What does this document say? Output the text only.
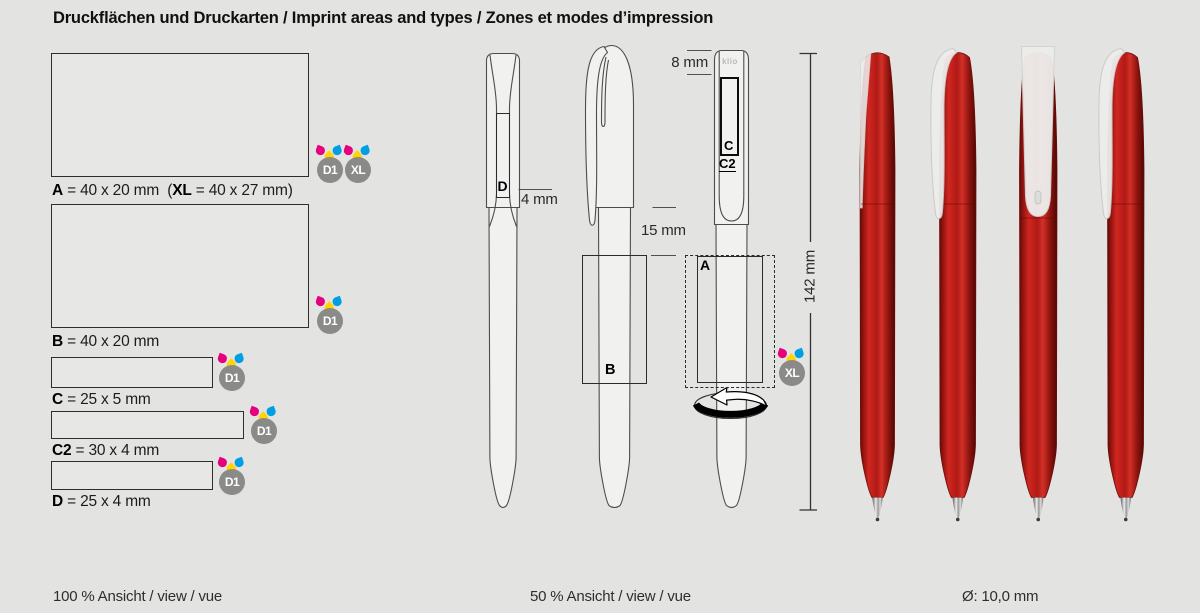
Druckflächen und Druckarten / Imprint areas and types / Zones et modes d’impression
A = 40 x 20 mm (XL = 40 x 27 mm)
D1	XL
B = 40 x 20 mm
D1
C = 25 x 5 mm
D1
C2 = 30 x 4 mm
D1
D = 25 x 4 mm
D1
D
4 mm
8 mm	klio
C
C2
15 mm
B
A
XL
142 mm
100 % Ansicht / view / vue	50 % Ansicht / view / vue	Ø: 10,0 mm
